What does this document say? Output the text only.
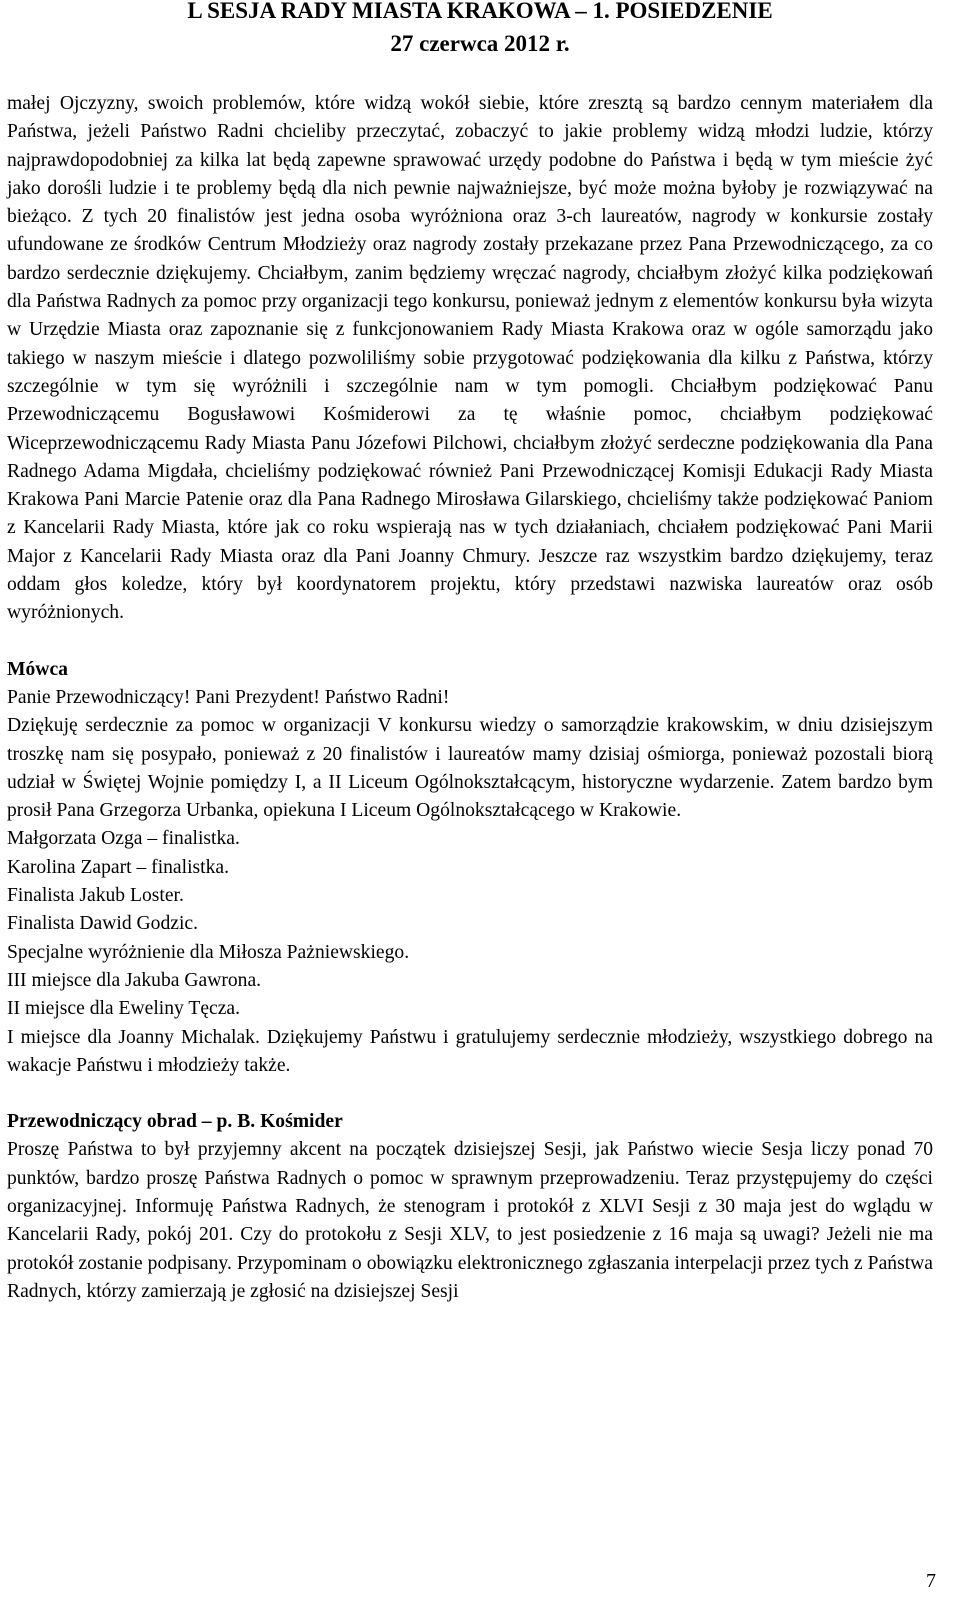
L SESJA RADY MIASTA KRAKOWA – 1. POSIEDZENIE
27 czerwca 2012 r.

małej Ojczyzny, swoich problemów, które widzą wokół siebie, które zresztą są bardzo cennym materiałem dla Państwa, jeżeli Państwo Radni chcieliby przeczytać, zobaczyć to jakie problemy widzą młodzi ludzie, którzy najprawdopodobniej za kilka lat będą zapewne sprawować urzędy podobne do Państwa i będą w tym mieście żyć jako dorośli ludzie i te problemy będą dla nich pewnie najważniejsze, być może można byłoby je rozwiązywać na bieżąco. Z tych 20 finalistów jest jedna osoba wyróżniona oraz 3-ch laureatów, nagrody w konkursie zostały ufundowane ze środków Centrum Młodzieży oraz nagrody zostały przekazane przez Pana Przewodniczącego, za co bardzo serdecznie dziękujemy. Chciałbym, zanim będziemy wręczać nagrody, chciałbym złożyć kilka podziękowań dla Państwa Radnych za pomoc przy organizacji tego konkursu, ponieważ jednym z elementów konkursu była wizyta w Urzędzie Miasta oraz zapoznanie się z funkcjonowaniem Rady Miasta Krakowa oraz w ogóle samorządu jako takiego w naszym mieście i dlatego pozwoliliśmy sobie przygotować podziękowania dla kilku z Państwa, którzy szczególnie w tym się wyróżnili i szczególnie nam w tym pomogli. Chciałbym podziękować Panu Przewodniczącemu Bogusławowi Kośmiderowi za tę właśnie pomoc, chciałbym podziękować Wiceprzewodniczącemu Rady Miasta Panu Józefowi Pilchowi, chciałbym złożyć serdeczne podziękowania dla Pana Radnego Adama Migdała, chcieliśmy podziękować również Pani Przewodniczącej Komisji Edukacji Rady Miasta Krakowa Pani Marcie Patenie oraz dla Pana Radnego Mirosława Gilarskiego, chcieliśmy także podziękować Paniom z Kancelarii Rady Miasta, które jak co roku wspierają nas w tych działaniach, chciałem podziękować Pani Marii Major z Kancelarii Rady Miasta oraz dla Pani Joanny Chmury. Jeszcze raz wszystkim bardzo dziękujemy, teraz oddam głos koledze, który był koordynatorem projektu, który przedstawi nazwiska laureatów oraz osób wyróżnionych.

Mówca

Panie Przewodniczący! Pani Prezydent! Państwo Radni!

Dziękuję serdecznie za pomoc w organizacji V konkursu wiedzy o samorządzie krakowskim, w dniu dzisiejszym troszkę nam się posypało, ponieważ z 20 finalistów i laureatów mamy dzisiaj ośmiorga, ponieważ pozostali biorą udział w Świętej Wojnie pomiędzy I, a II Liceum Ogólnokształcącym, historyczne wydarzenie. Zatem bardzo bym prosił Pana Grzegorza Urbanka, opiekuna I Liceum Ogólnokształcącego w Krakowie.

Małgorzata Ozga – finalistka.

Karolina Zapart – finalistka.

Finalista Jakub Loster.

Finalista Dawid Godzic.

Specjalne wyróżnienie dla Miłosza Pażniewskiego.

III miejsce dla Jakuba Gawrona.

II miejsce dla Eweliny Tęcza.

I miejsce dla Joanny Michalak. Dziękujemy Państwu i gratulujemy serdecznie młodzieży, wszystkiego dobrego na wakacje Państwu i młodzieży także.

Przewodniczący obrad – p. B. Kośmider

Proszę Państwa to był przyjemny akcent na początek dzisiejszej Sesji, jak Państwo wiecie Sesja liczy ponad 70 punktów, bardzo proszę Państwa Radnych o pomoc w sprawnym przeprowadzeniu. Teraz przystępujemy do części organizacyjnej. Informuję Państwa Radnych, że stenogram i protokół z XLVI Sesji z 30 maja jest do wglądu w Kancelarii Rady, pokój 201. Czy do protokołu z Sesji XLV, to jest posiedzenie z 16 maja są uwagi? Jeżeli nie ma protokół zostanie podpisany. Przypominam o obowiązku elektronicznego zgłaszania interpelacji przez tych z Państwa Radnych, którzy zamierzają je zgłosić na dzisiejszej Sesji

7
